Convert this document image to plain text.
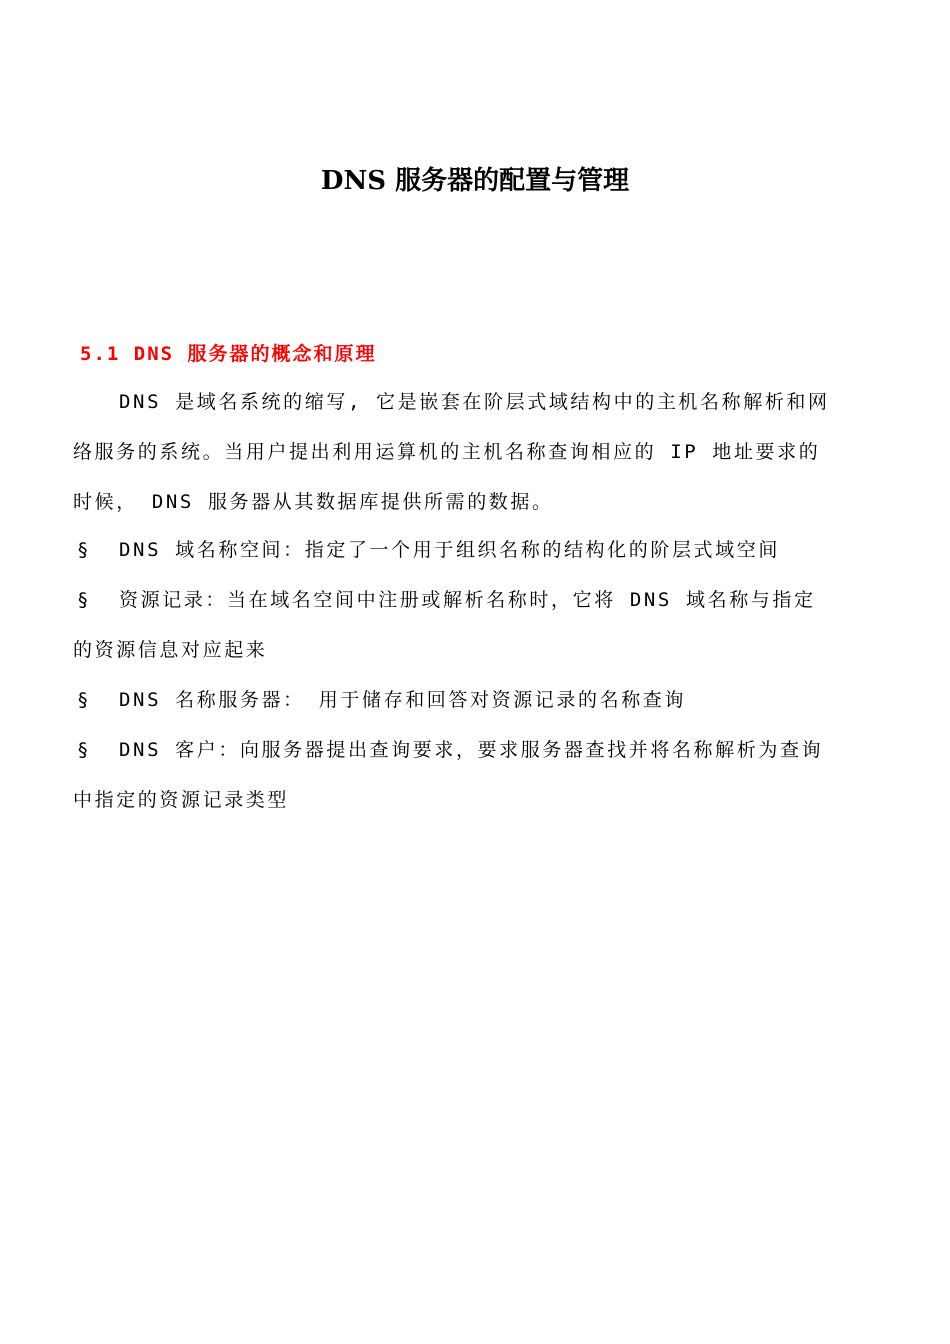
DNS 服务器的配置与管理
5.1 DNS 服务器的概念和原理
DNS 是域名系统的缩写, 它是嵌套在阶层式域结构中的主机名称解析和网
络服务的系统。当用户提出利用运算机的主机名称查询相应的 IP 地址要求的
时候， DNS 服务器从其数据库提供所需的数据。
§ DNS 域名称空间：指定了一个用于组织名称的结构化的阶层式域空间
§ 资源记录：当在域名空间中注册或解析名称时，它将 DNS 域名称与指定
的资源信息对应起来
§ DNS 名称服务器： 用于储存和回答对资源记录的名称查询
§ DNS 客户：向服务器提出查询要求，要求服务器查找并将名称解析为查询
中指定的资源记录类型
